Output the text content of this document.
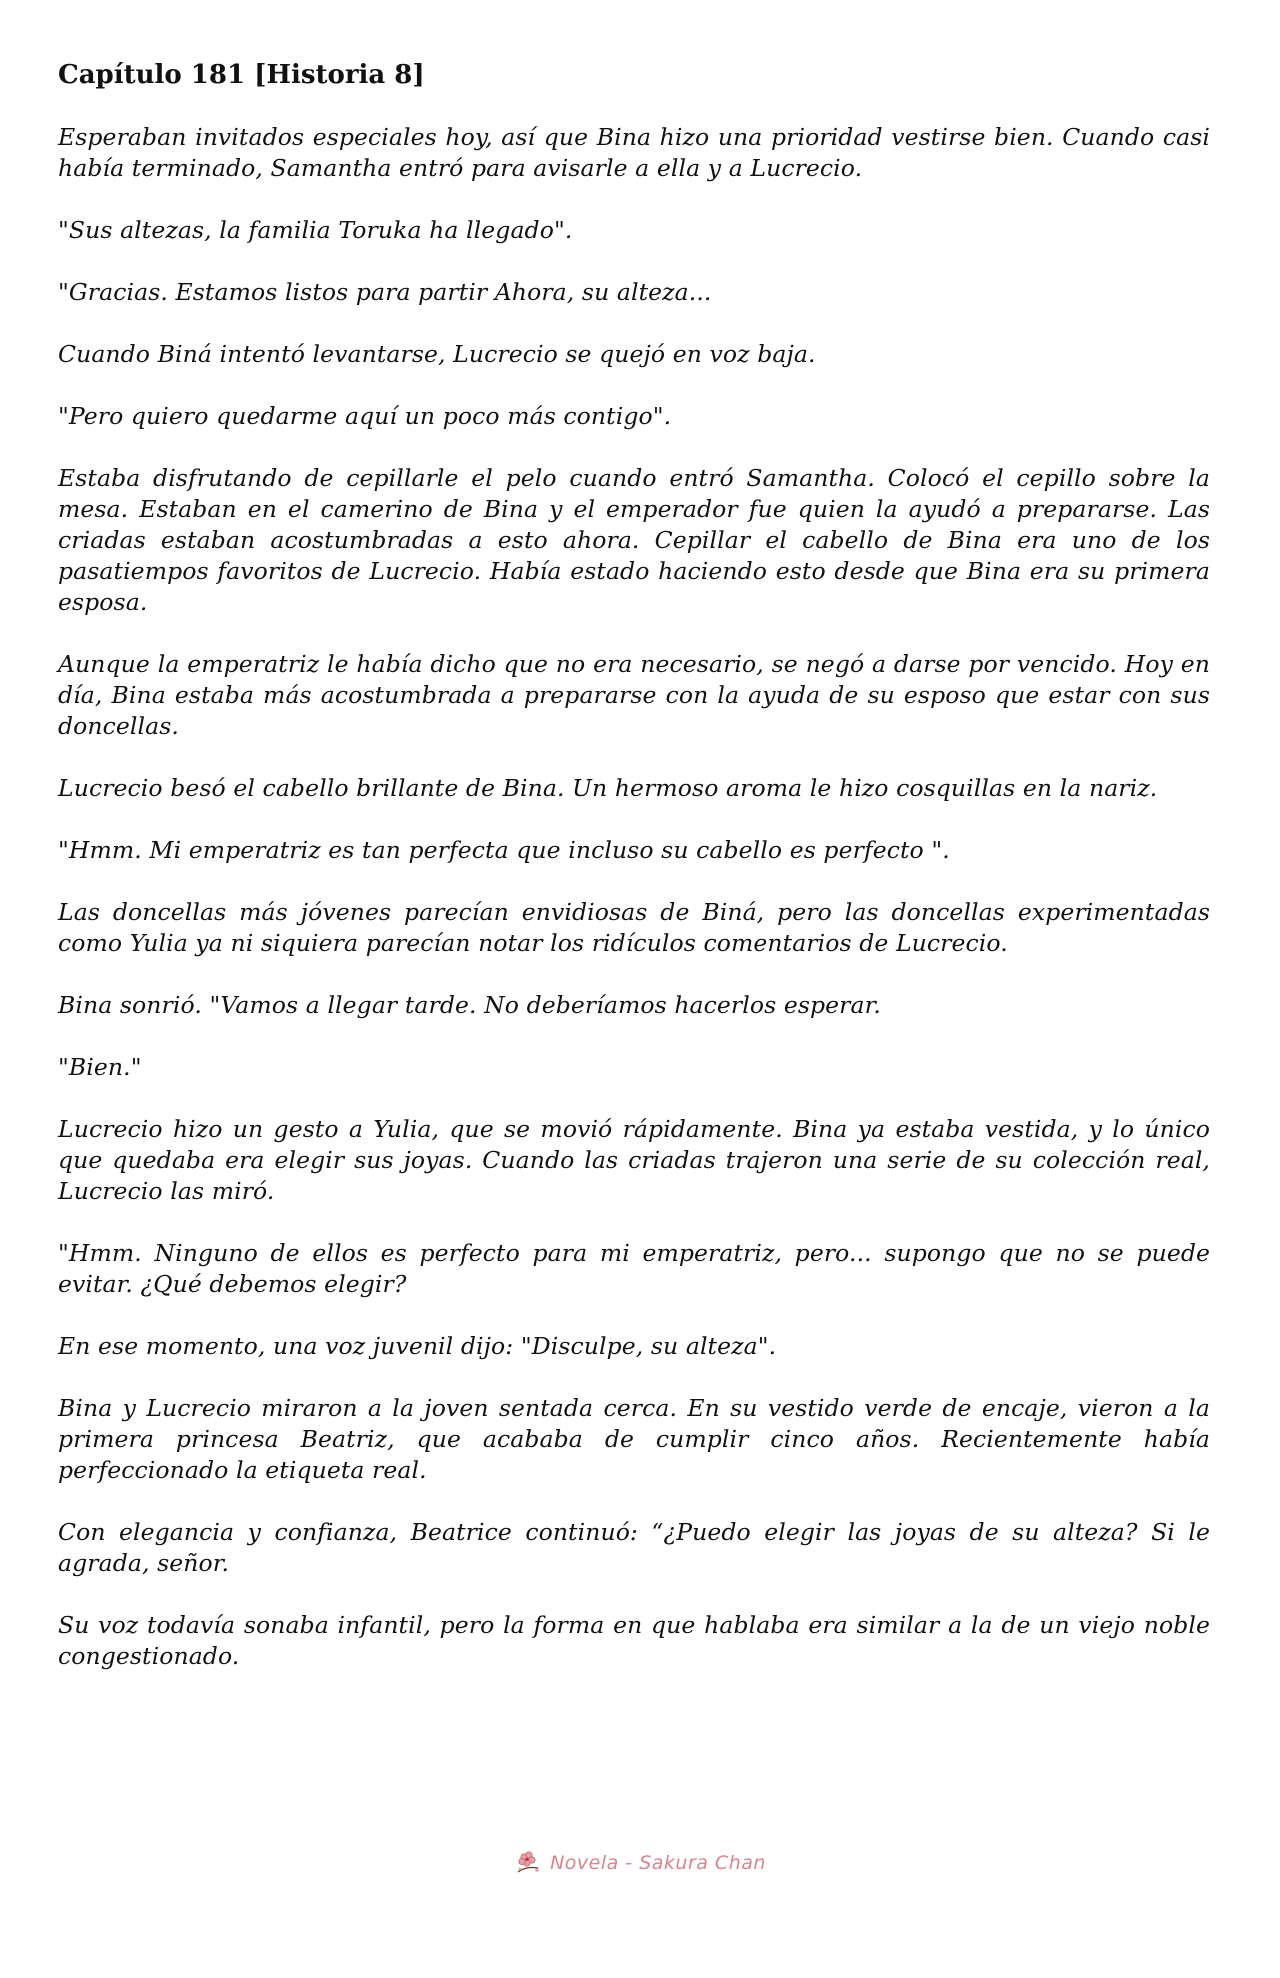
Capítulo 181 [Historia 8]

Esperaban invitados especiales hoy, así que Bina hizo una prioridad vestirse bien. Cuando casi había terminado, Samantha entró para avisarle a ella y a Lucrecio.

"Sus altezas, la familia Toruka ha llegado".

"Gracias. Estamos listos para partir Ahora, su alteza...

Cuando Biná intentó levantarse, Lucrecio se quejó en voz baja.

"Pero quiero quedarme aquí un poco más contigo".

Estaba disfrutando de cepillarle el pelo cuando entró Samantha. Colocó el cepillo sobre la mesa. Estaban en el camerino de Bina y el emperador fue quien la ayudó a prepararse. Las criadas estaban acostumbradas a esto ahora. Cepillar el cabello de Bina era uno de los pasatiempos favoritos de Lucrecio. Había estado haciendo esto desde que Bina era su primera esposa.

Aunque la emperatriz le había dicho que no era necesario, se negó a darse por vencido. Hoy en día, Bina estaba más acostumbrada a prepararse con la ayuda de su esposo que estar con sus doncellas.

Lucrecio besó el cabello brillante de Bina. Un hermoso aroma le hizo cosquillas en la nariz.

"Hmm. Mi emperatriz es tan perfecta que incluso su cabello es perfecto ".

Las doncellas más jóvenes parecían envidiosas de Biná, pero las doncellas experimentadas como Yulia ya ni siquiera parecían notar los ridículos comentarios de Lucrecio.

Bina sonrió. "Vamos a llegar tarde. No deberíamos hacerlos esperar.

"Bien."

Lucrecio hizo un gesto a Yulia, que se movió rápidamente. Bina ya estaba vestida, y lo único que quedaba era elegir sus joyas. Cuando las criadas trajeron una serie de su colección real, Lucrecio las miró.

"Hmm. Ninguno de ellos es perfecto para mi emperatriz, pero... supongo que no se puede evitar. ¿Qué debemos elegir?

En ese momento, una voz juvenil dijo: "Disculpe, su alteza".

Bina y Lucrecio miraron a la joven sentada cerca. En su vestido verde de encaje, vieron a la primera princesa Beatriz, que acababa de cumplir cinco años. Recientemente había perfeccionado la etiqueta real.

Con elegancia y confianza, Beatrice continuó: “¿Puedo elegir las joyas de su alteza? Si le agrada, señor.

Su voz todavía sonaba infantil, pero la forma en que hablaba era similar a la de un viejo noble congestionado.

Novela - Sakura Chan
